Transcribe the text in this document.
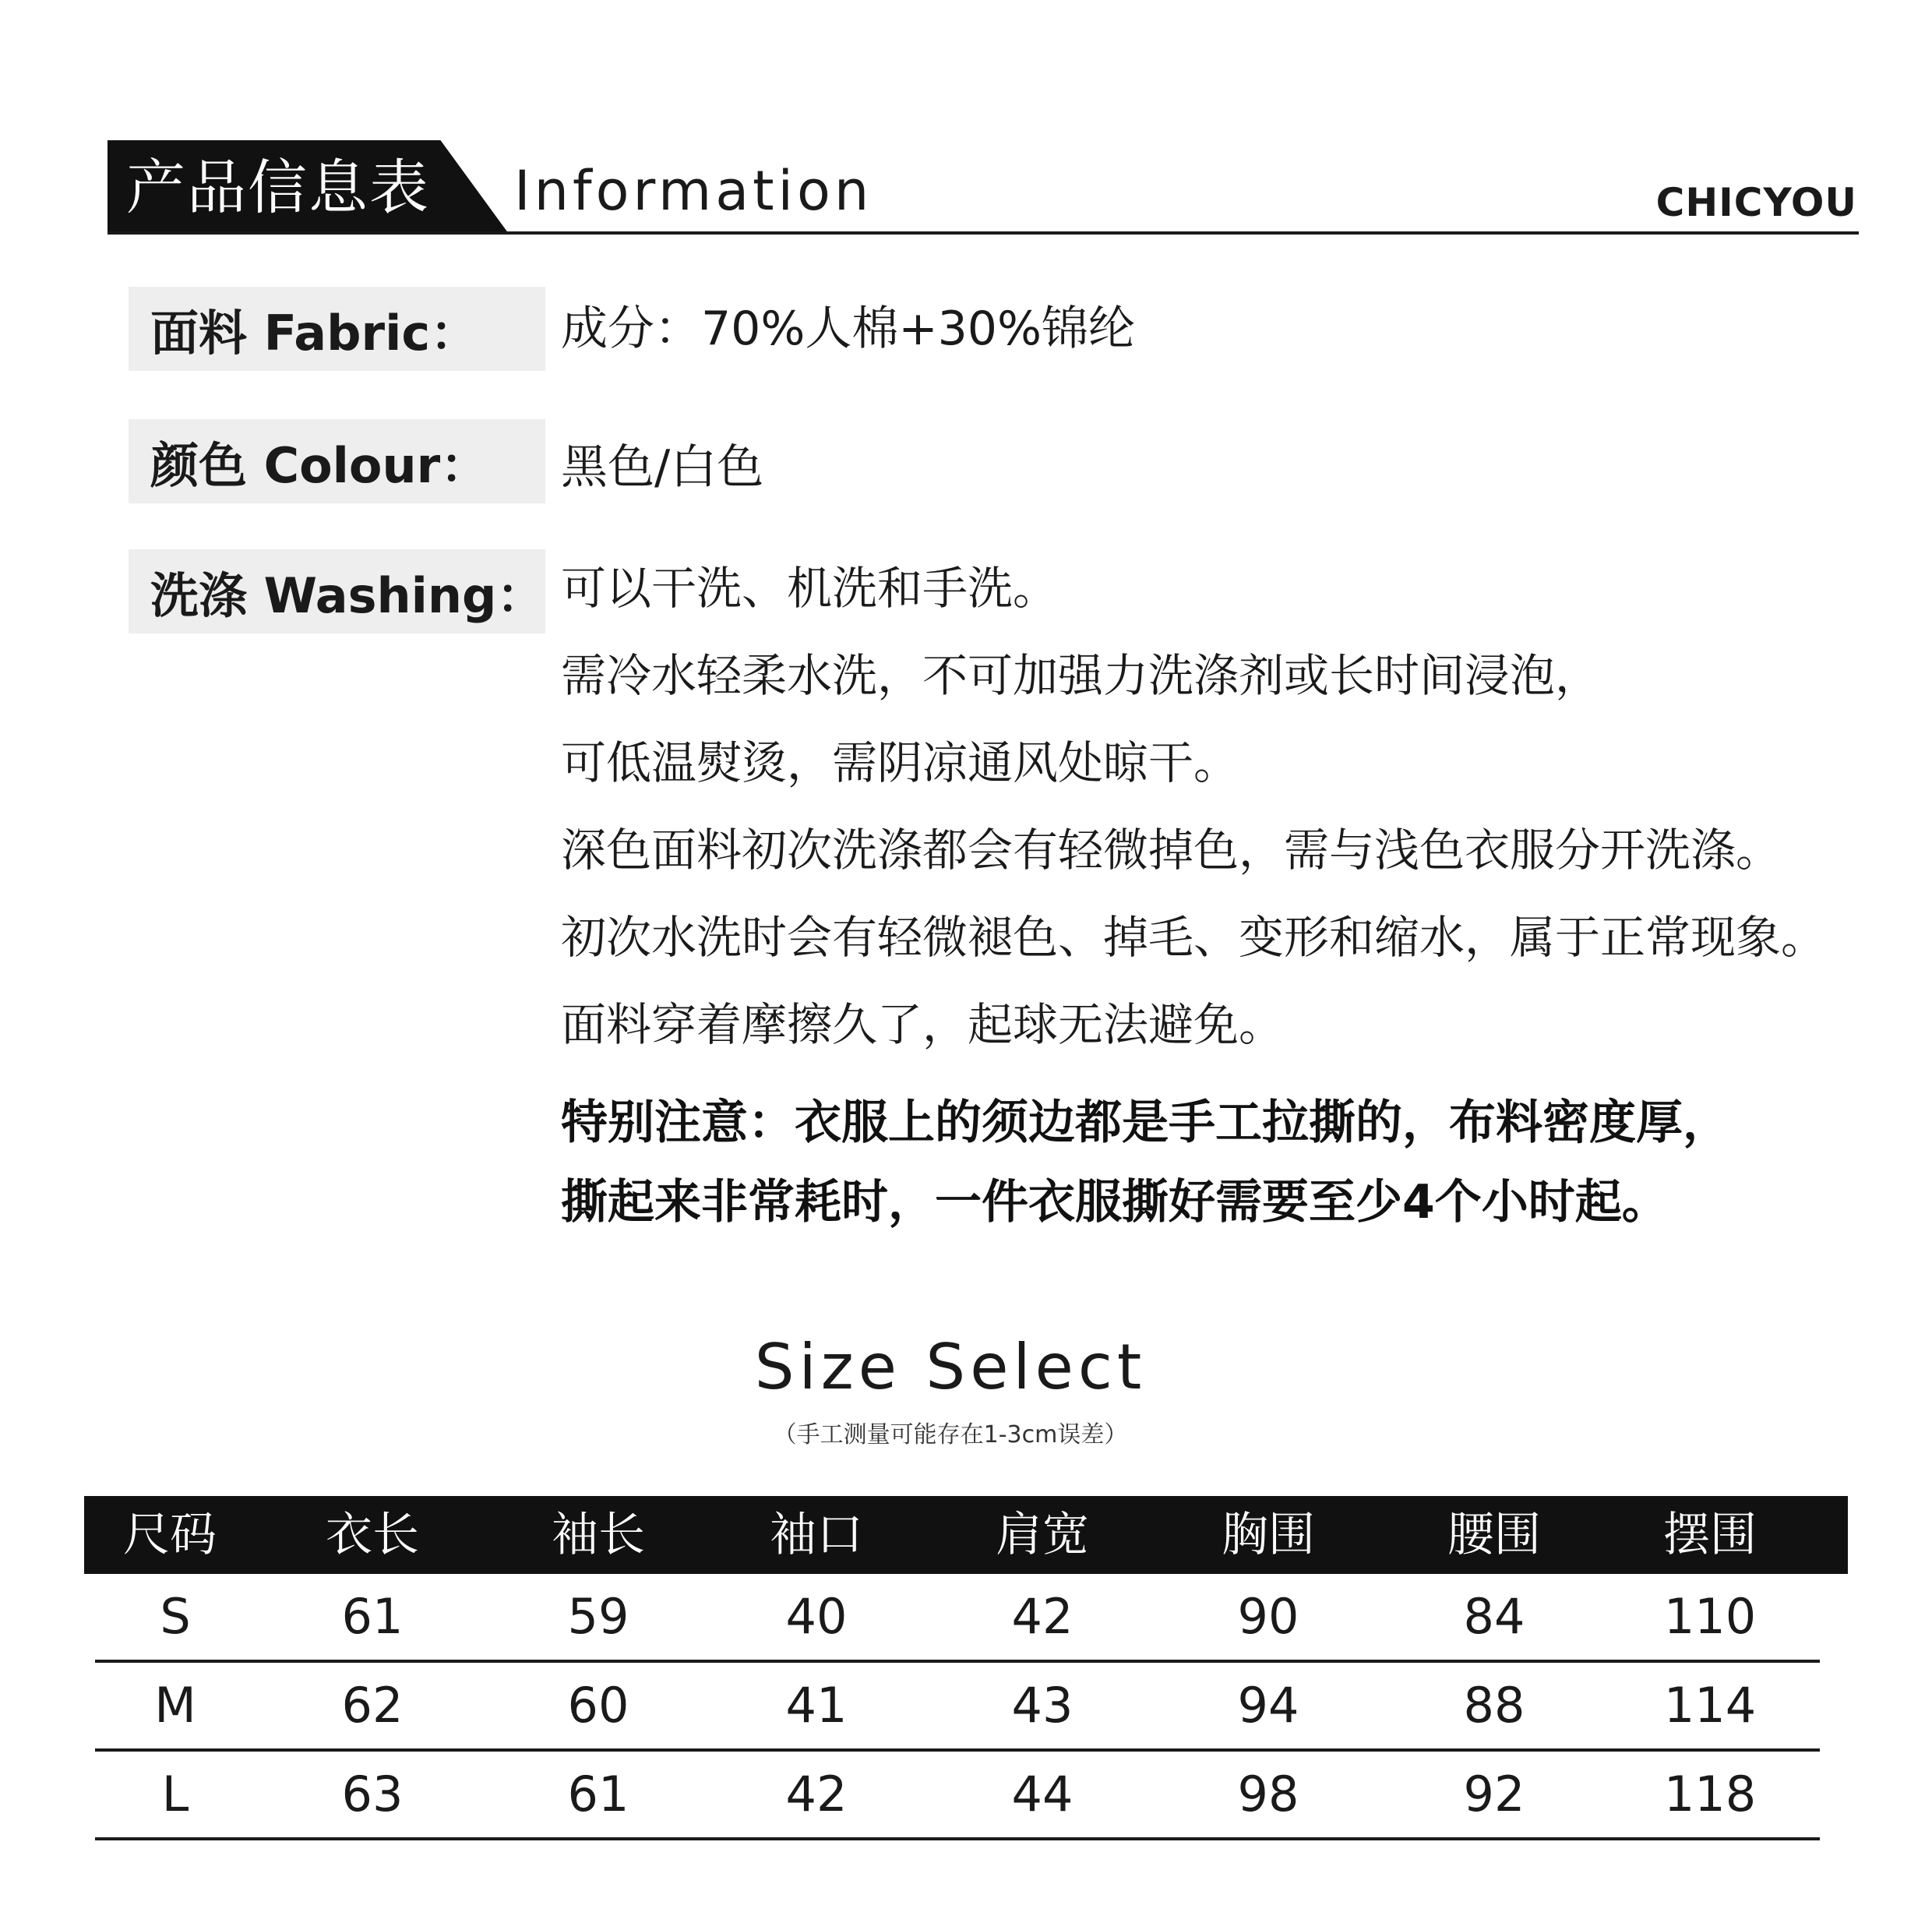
产品信息表 Information	CHICYOU
面料 Fabric：	成分：70%人棉+30%锦纶
颜色 Colour：	黑色/白色
洗涤 Washing： 可以干洗、机洗和手洗。
需冷水轻柔水洗，不可加强力洗涤剂或长时间浸泡，
可低温熨烫，需阴凉通风处晾干。
深色面料初次洗涤都会有轻微掉色，需与浅色衣服分开洗涤。
初次水洗时会有轻微褪色、掉毛、变形和缩水，属于正常现象。
面料穿着摩擦久了，起球无法避免。
特别注意：衣服上的须边都是手工拉撕的，布料密度厚，
撕起来非常耗时，一件衣服撕好需要至少4个小时起。
Size Select
（手工测量可能存在1-3cm误差）
尺码	衣长	袖长	袖口	肩宽	胸围	腰围	摆围
S	61	59	40	42	90	84	110
M	62	60	41	43	94	88	114
L	63	61	42	44	98	92	118
